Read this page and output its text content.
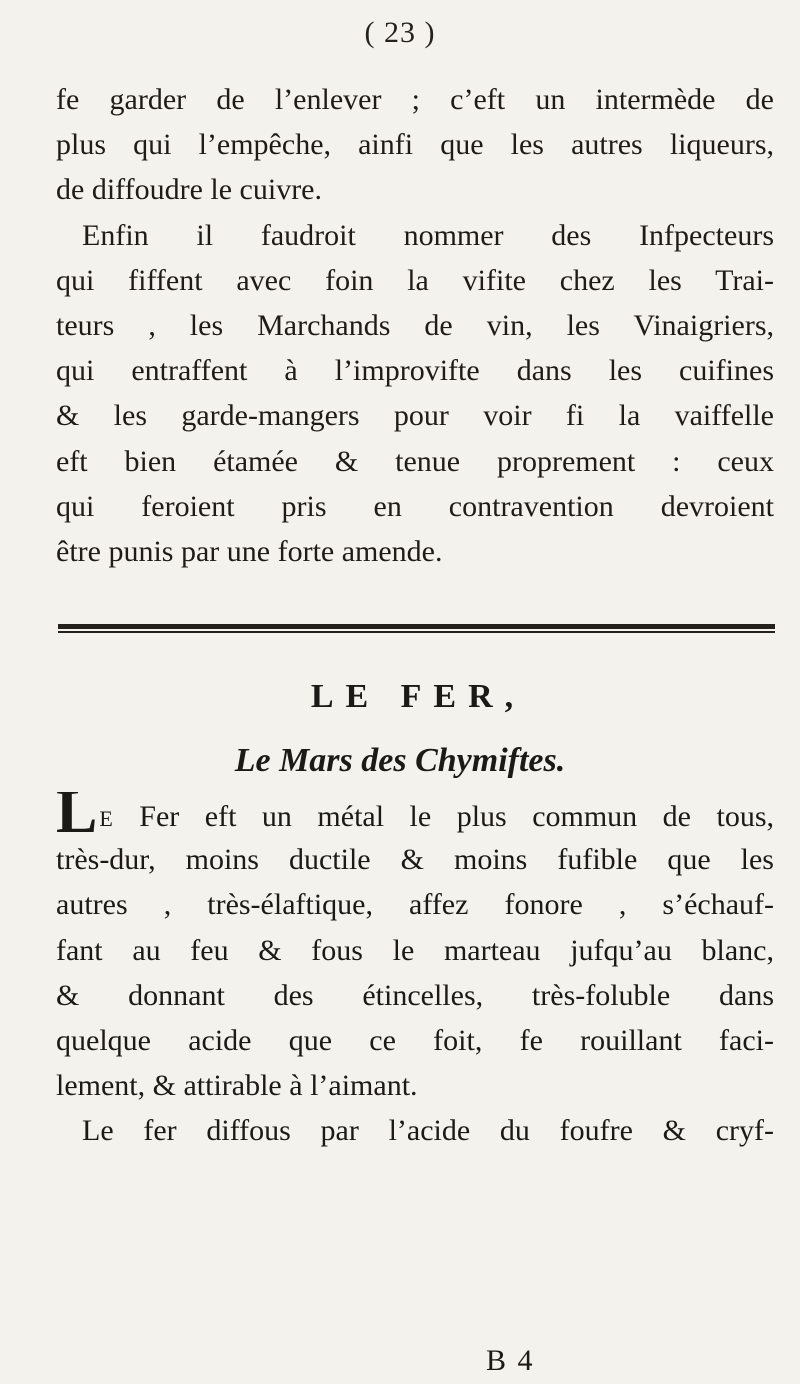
( 23 )
fe garder de l’enlever ; c’eft un intermède de
plus qui l’empêche, ainfi que les autres liqueurs,
de diffoudre le cuivre.
Enfin il faudroit nommer des Infpecteurs
qui fiffent avec foin la vifite chez les Trai-
teurs , les Marchands de vin, les Vinaigriers,
qui entraffent à l’improvifte dans les cuifines
& les garde-mangers pour voir fi la vaiffelle
eft bien étamée & tenue proprement : ceux
qui feroient pris en contravention devroient
être punis par une forte amende.
LE FER,
Le Mars des Chymiftes.
LE Fer eft un métal le plus commun de tous,
très-dur, moins ductile & moins fufible que les
autres , très-élaftique, affez fonore , s’échauf-
fant au feu & fous le marteau jufqu’au blanc,
& donnant des étincelles, très-foluble dans
quelque acide que ce foit, fe rouillant faci-
lement, & attirable à l’aimant.
Le fer diffous par l’acide du foufre & cryf-
B 4
